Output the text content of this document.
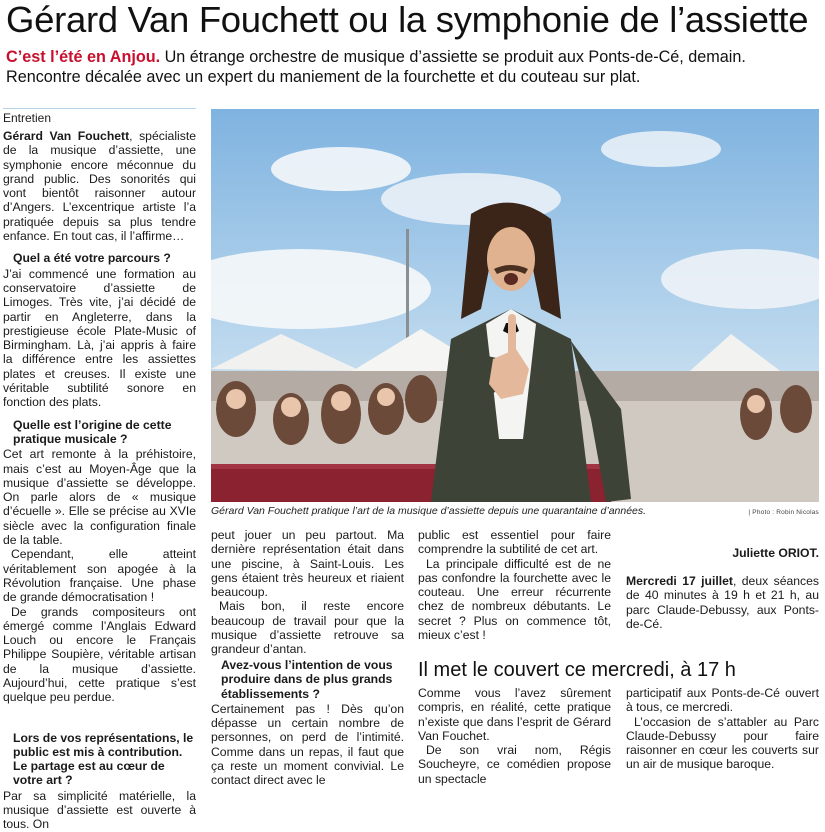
Gérard Van Fouchett ou la symphonie de l’assiette
C’est l’été en Anjou. Un étrange orchestre de musique d’assiette se produit aux Ponts-de-Cé, demain. Rencontre décalée avec un expert du maniement de la fourchette et du couteau sur plat.
Entretien

Gérard Van Fouchett, spécialiste de la musique d’assiette, une symphonie encore méconnue du grand public. Des sonorités qui vont bientôt raisonner autour d’Angers. L’excentrique artiste l’a pratiquée depuis sa plus tendre enfance. En tout cas, il l’affirme…

Quel a été votre parcours ?

J’ai commencé une formation au conservatoire d’assiette de Limoges. Très vite, j’ai décidé de partir en Angleterre, dans la prestigieuse école Plate-Music of Birmingham. Là, j’ai appris à faire la différence entre les assiettes plates et creuses. Il existe une véritable subtilité sonore en fonction des plats.

Quelle est l’origine de cette pratique musicale ?

Cet art remonte à la préhistoire, mais c’est au Moyen-Âge que la musique d’assiette se développe. On parle alors de « musique d’écuelle ». Elle se précise au XVIe siècle avec la configuration finale de la table.

Cependant, elle atteint véritablement son apogée à la Révolution française. Une phase de grande démocratisation !

De grands compositeurs ont émergé comme l’Anglais Edward Louch ou encore le Français Philippe Soupière, véritable artisan de la musique d’assiette. Aujourd’hui, cette pratique s’est quelque peu perdue.

Lors de vos représentations, le public est mis à contribution. Le partage est au cœur de votre art ?

Par sa simplicité matérielle, la musique d’assiette est ouverte à tous. On

Gérard Van Fouchett pratique l’art de la musique d’assiette depuis une quarantaine d’années.	| Photo : Robin Nicolas

peut jouer un peu partout. Ma dernière représentation était dans une piscine, à Saint-Louis. Les gens étaient très heureux et riaient beaucoup.

Mais bon, il reste encore beaucoup de travail pour que la musique d’assiette retrouve sa grandeur d’antan.

Avez-vous l’intention de vous produire dans de plus grands établissements ?

Certainement pas ! Dès qu’on dépasse un certain nombre de personnes, on perd de l’intimité. Comme dans un repas, il faut que ça reste un moment convivial. Le contact direct avec le

public est essentiel pour faire comprendre la subtilité de cet art.

La principale difficulté est de ne pas confondre la fourchette avec le couteau. Une erreur récurrente chez de nombreux débutants. Le secret ? Plus on commence tôt, mieux c’est !

Juliette ORIOT.

Mercredi 17 juillet, deux séances de 40 minutes à 19 h et 21 h, au parc Claude-Debussy, aux Ponts-de-Cé.

Il met le couvert ce mercredi, à 17 h

Comme vous l’avez sûrement compris, en réalité, cette pratique n’existe que dans l’esprit de Gérard Van Fouchet.

De son vrai nom, Régis Soucheyre, ce comédien propose un spectacle

participatif aux Ponts-de-Cé ouvert à tous, ce mercredi.

L’occasion de s’attabler au Parc Claude-Debussy pour faire raisonner en cœur les couverts sur un air de musique baroque.
